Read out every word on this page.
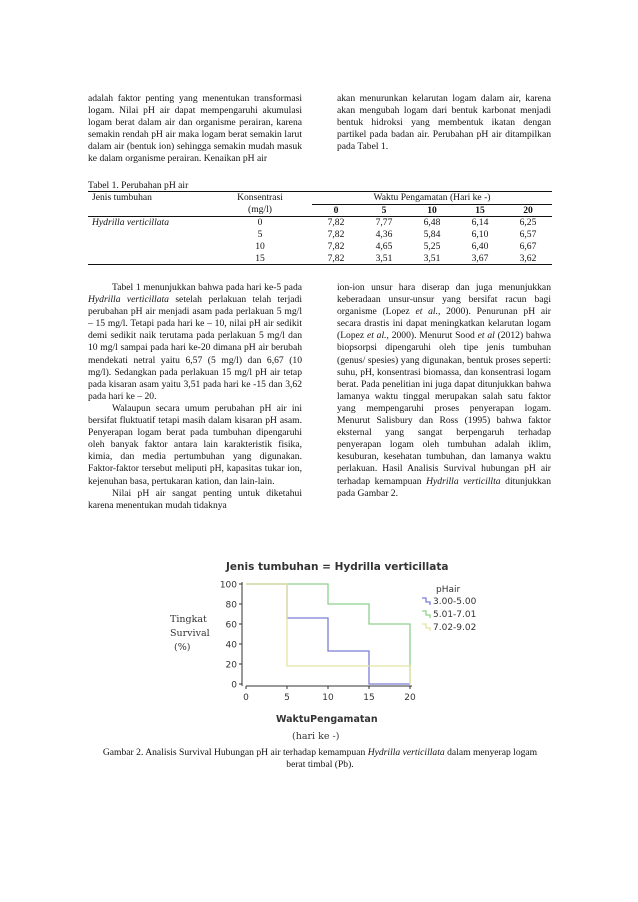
adalah faktor penting yang menentukan transformasi logam. Nilai pH air dapat mempengaruhi akumulasi logam berat dalam air dan organisme perairan, karena semakin rendah pH air maka logam berat semakin larut dalam air (bentuk ion) sehingga semakin mudah masuk ke dalam organisme perairan. Kenaikan pH air

akan menurunkan kelarutan logam dalam air, karena akan mengubah logam dari bentuk karbonat menjadi bentuk hidroksi yang membentuk ikatan dengan partikel pada badan air. Perubahan pH air ditampilkan pada Tabel 1.

Tabel 1. Perubahan pH air
Jenis tumbuhan	Konsentrasi	Waktu Pengamatan (Hari ke -)				
	(mg/l)	0	5	10	15	20
Hydrilla verticillata	0	7,82	7,77	6,48	6,14	6,25
	5	7,82	4,36	5,84	6,10	6,57
	10	7,82	4,65	5,25	6,40	6,67
	15	7,82	3,51	3,51	3,67	3,62

Tabel 1 menunjukkan bahwa pada hari ke-5 pada Hydrilla verticillata setelah perlakuan telah terjadi perubahan pH air menjadi asam pada perlakuan 5 mg/l – 15 mg/l. Tetapi pada hari ke – 10, nilai pH air sedikit demi sedikit naik terutama pada perlakuan 5 mg/l dan 10 mg/l sampai pada hari ke-20 dimana pH air berubah mendekati netral yaitu 6,57 (5 mg/l) dan 6,67 (10 mg/l). Sedangkan pada perlakuan 15 mg/l pH air tetap pada kisaran asam yaitu 3,51 pada hari ke -15 dan 3,62 pada hari ke – 20.

Walaupun secara umum perubahan pH air ini bersifat fluktuatif tetapi masih dalam kisaran pH asam. Penyerapan logam berat pada tumbuhan dipengaruhi oleh banyak faktor antara lain karakteristik fisika, kimia, dan media pertumbuhan yang digunakan. Faktor-faktor tersebut meliputi pH, kapasitas tukar ion, kejenuhan basa, pertukaran kation, dan lain-lain.

Nilai pH air sangat penting untuk diketahui karena menentukan mudah tidaknya

ion-ion unsur hara diserap dan juga menunjukkan keberadaan unsur-unsur yang bersifat racun bagi organisme (Lopez et al., 2000). Penurunan pH air secara drastis ini dapat meningkatkan kelarutan logam (Lopez et al., 2000). Menurut Sood et al (2012) bahwa biopsorpsi dipengaruhi oleh tipe jenis tumbuhan (genus/ spesies) yang digunakan, bentuk proses seperti: suhu, pH, konsentrasi biomassa, dan konsentrasi logam berat. Pada penelitian ini juga dapat ditunjukkan bahwa lamanya waktu tinggal merupakan salah satu faktor yang mempengaruhi proses penyerapan logam. Menurut Salisbury dan Ross (1995) bahwa faktor eksternal yang sangat berpengaruh terhadap penyerapan logam oleh tumbuhan adalah iklim, kesuburan, kesehatan tumbuhan, dan lamanya waktu perlakuan. Hasil Analisis Survival hubungan pH air terhadap kemampuan Hydrilla verticillta ditunjukkan pada Gambar 2.

Jenis tumbuhan = Hydrilla verticillata
Tingkat
Survival
(%)
0
20
40
60
80
100
0	5	10	15	20
pHair
3.00-5.00
5.01-7.01
7.02-9.02
WaktuPengamatan
(hari ke -)
Gambar 2. Analisis Survival Hubungan pH air terhadap kemampuan Hydrilla verticillata dalam menyerap logam berat timbal (Pb).
